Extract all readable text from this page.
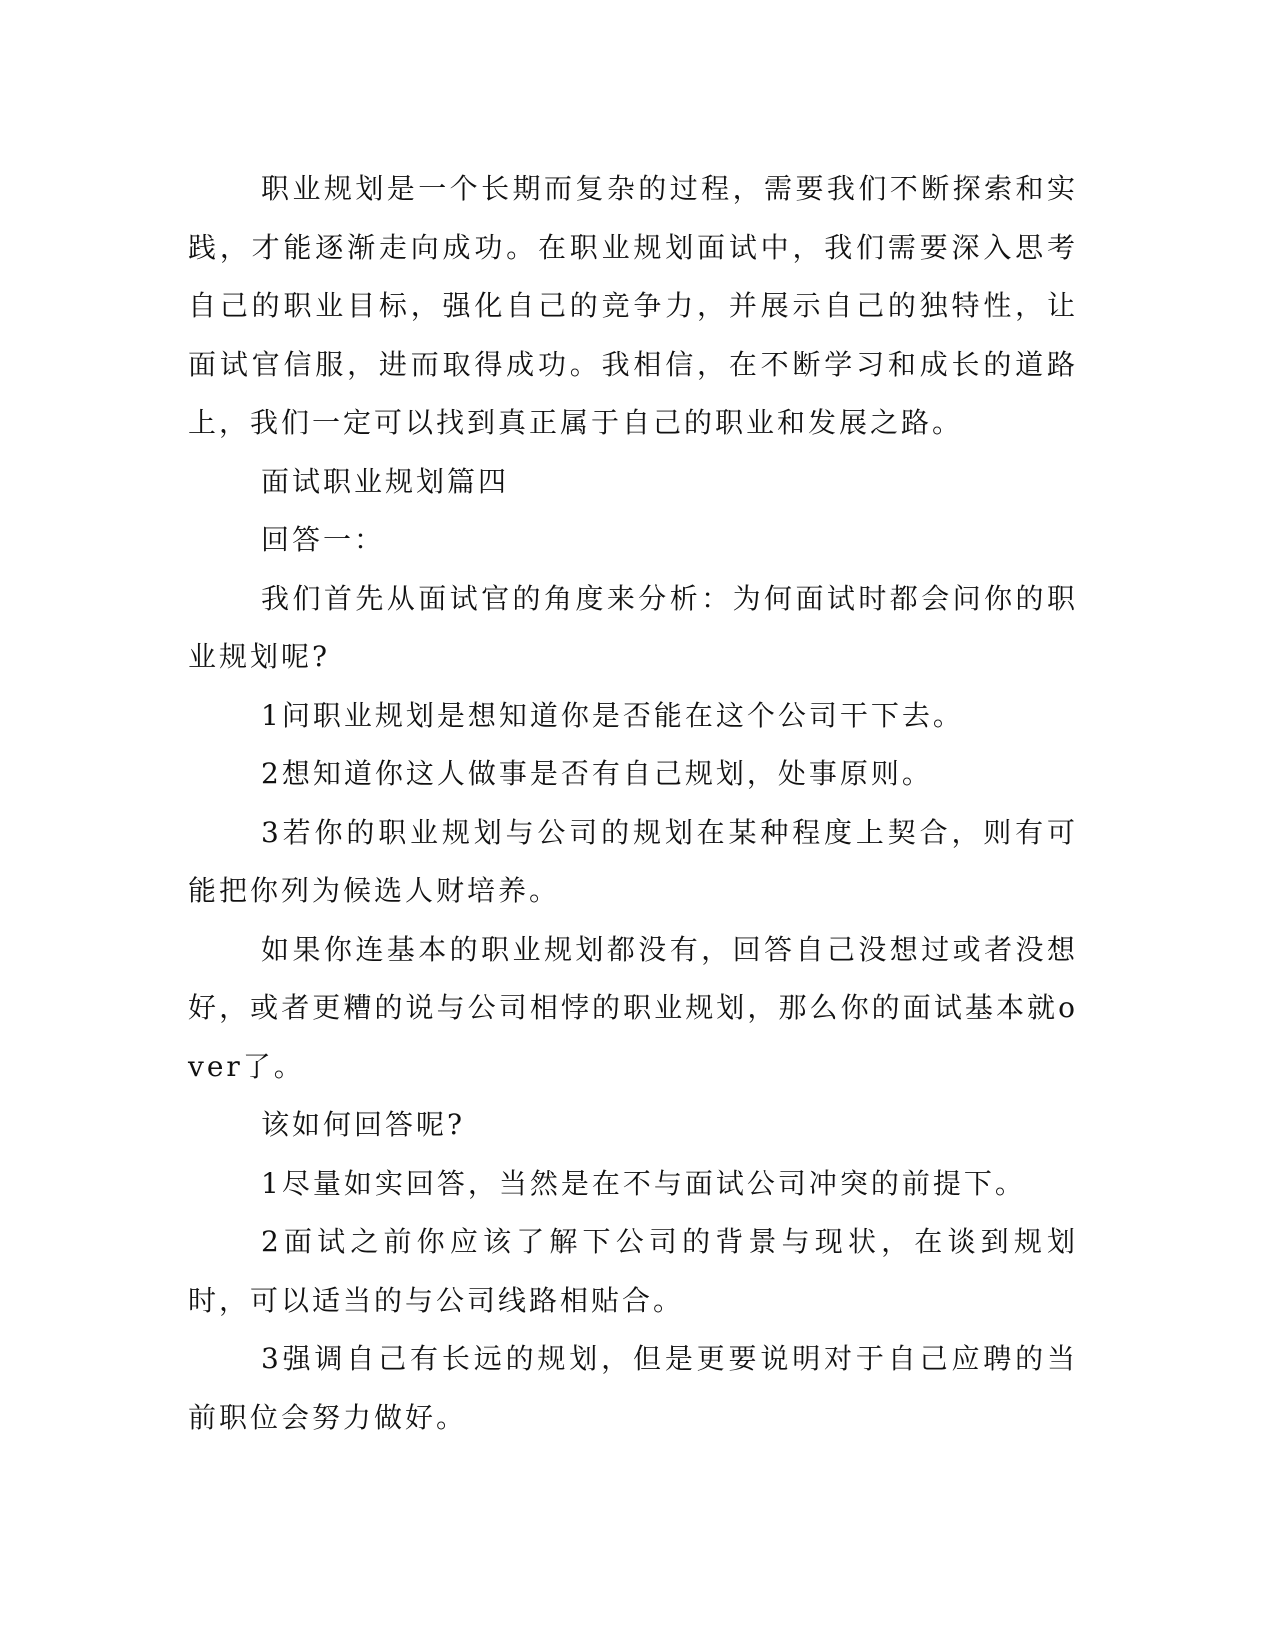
职业规划是一个长期而复杂的过程，需要我们不断探索和实践，才能逐渐走向成功。在职业规划面试中，我们需要深入思考自己的职业目标，强化自己的竞争力，并展示自己的独特性，让面试官信服，进而取得成功。我相信，在不断学习和成长的道路上，我们一定可以找到真正属于自己的职业和发展之路。

面试职业规划篇四

回答一：

我们首先从面试官的角度来分析：为何面试时都会问你的职业规划呢?

1问职业规划是想知道你是否能在这个公司干下去。

2想知道你这人做事是否有自己规划，处事原则。

3若你的职业规划与公司的规划在某种程度上契合，则有可能把你列为候选人财培养。

如果你连基本的职业规划都没有，回答自己没想过或者没想好，或者更糟的说与公司相悖的职业规划，那么你的面试基本就over了。

该如何回答呢?

1尽量如实回答，当然是在不与面试公司冲突的前提下。

2面试之前你应该了解下公司的背景与现状，在谈到规划时，可以适当的与公司线路相贴合。

3强调自己有长远的规划，但是更要说明对于自己应聘的当前职位会努力做好。
